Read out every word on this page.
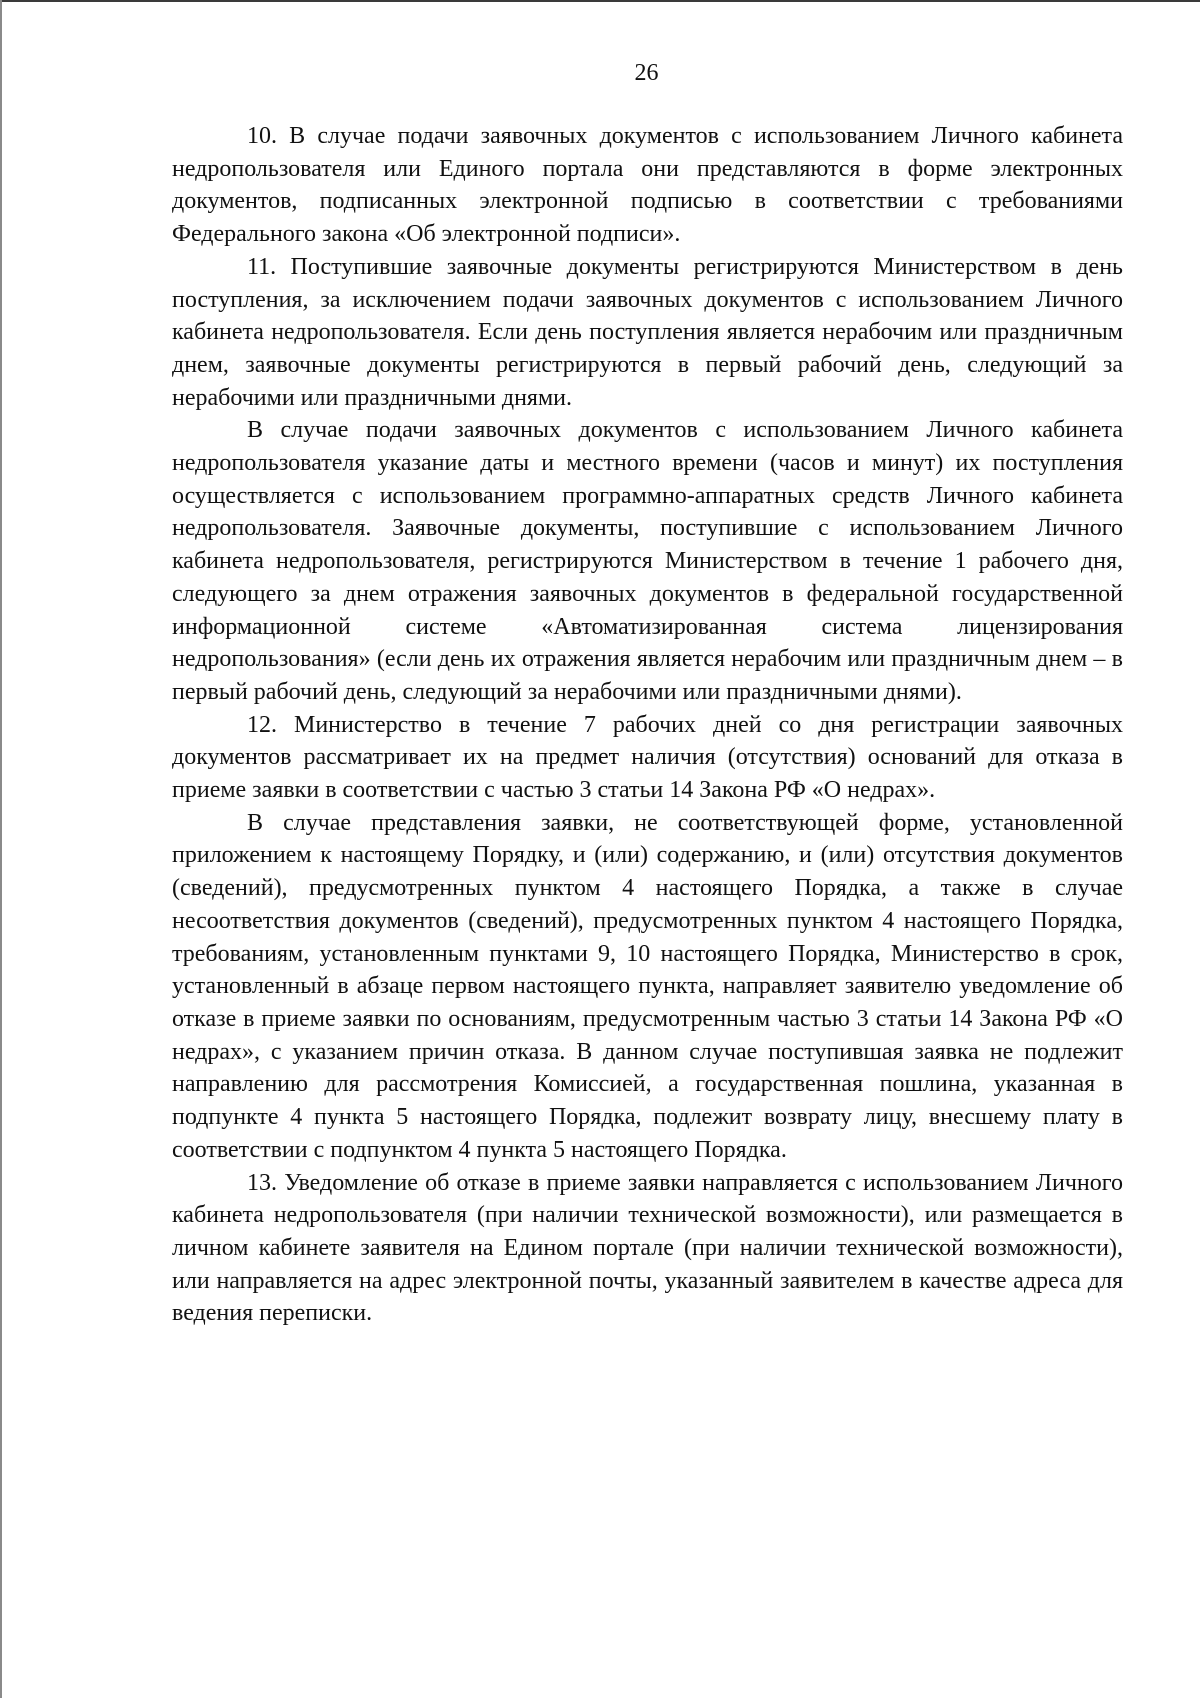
26

10. В случае подачи заявочных документов с использованием Личного кабинета недропользователя или Единого портала они представляются в форме электронных документов, подписанных электронной подписью в соответствии с требованиями Федерального закона «Об электронной подписи».

11. Поступившие заявочные документы регистрируются Министерством в день поступления, за исключением подачи заявочных документов с использованием Личного кабинета недропользователя. Если день поступления является нерабочим или праздничным днем, заявочные документы регистрируются в первый рабочий день, следующий за нерабочими или праздничными днями.

В случае подачи заявочных документов с использованием Личного кабинета недропользователя указание даты и местного времени (часов и минут) их поступления осуществляется с использованием программно-аппаратных средств Личного кабинета недропользователя. Заявочные документы, поступившие с использованием Личного кабинета недропользователя, регистрируются Министерством в течение 1 рабочего дня, следующего за днем отражения заявочных документов в федеральной государственной информационной системе «Автоматизированная система лицензирования недропользования» (если день их отражения является нерабочим или праздничным днем – в первый рабочий день, следующий за нерабочими или праздничными днями).

12. Министерство в течение 7 рабочих дней со дня регистрации заявочных документов рассматривает их на предмет наличия (отсутствия) оснований для отказа в приеме заявки в соответствии с частью 3 статьи 14 Закона РФ «О недрах».

В случае представления заявки, не соответствующей форме, установленной приложением к настоящему Порядку, и (или) содержанию, и (или) отсутствия документов (сведений), предусмотренных пунктом 4 настоящего Порядка, а также в случае несоответствия документов (сведений), предусмотренных пунктом 4 настоящего Порядка, требованиям, установленным пунктами 9, 10 настоящего Порядка, Министерство в срок, установленный в абзаце первом настоящего пункта, направляет заявителю уведомление об отказе в приеме заявки по основаниям, предусмотренным частью 3 статьи 14 Закона РФ «О недрах», с указанием причин отказа. В данном случае поступившая заявка не подлежит направлению для рассмотрения Комиссией, а государственная пошлина, указанная в подпункте 4 пункта 5 настоящего Порядка, подлежит возврату лицу, внесшему плату в соответствии с подпунктом 4 пункта 5 настоящего Порядка.

13. Уведомление об отказе в приеме заявки направляется с использованием Личного кабинета недропользователя (при наличии технической возможности), или размещается в личном кабинете заявителя на Едином портале (при наличии технической возможности), или направляется на адрес электронной почты, указанный заявителем в качестве адреса для ведения переписки.
